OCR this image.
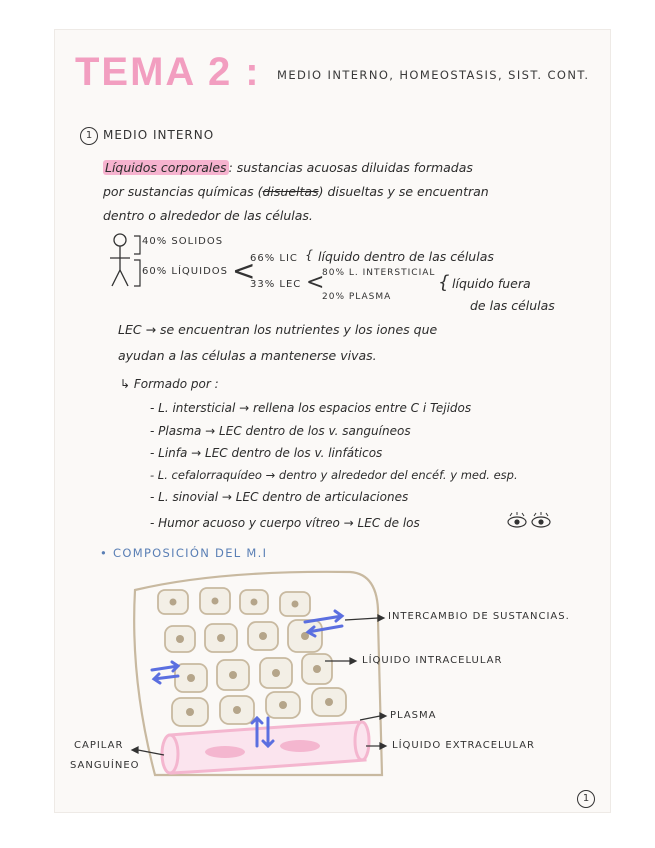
TEMA 2 : MEDIO INTERNO, HOMEOSTASIS, SIST. CONT.
1 MEDIO INTERNO
Líquidos corporales : sustancias acuosas diluidas formadas
por sustancias químicas (disueltas) disueltas y se encuentran
dentro o alrededor de las células.
40% SOLIDOS
60% LÍQUIDOS <
66% LIC { líquido dentro de las células
33% LEC <
80% L. INTERSTICIAL
20% PLASMA
{ líquido fuera
de las células
LEC → se encuentran los nutrientes y los iones que
ayudan a las células a mantenerse vivas.
↳ Formado por :
- L. intersticial → rellena los espacios entre C i Tejidos
- Plasma → LEC dentro de los v. sanguíneos
- Linfa → LEC dentro de los v. linfáticos
- L. cefalorraquídeo → dentro y alrededor del encéf. y med. esp.
- L. sinovial → LEC dentro de articulaciones
- Humor acuoso y cuerpo vítreo → LEC de los
• COMPOSICIÓN DEL M.I
INTERCAMBIO DE SUSTANCIAS.
LÍQUIDO INTRACELULAR
PLASMA
LÍQUIDO EXTRACELULAR
CAPILAR
SANGUÍNEO
1
